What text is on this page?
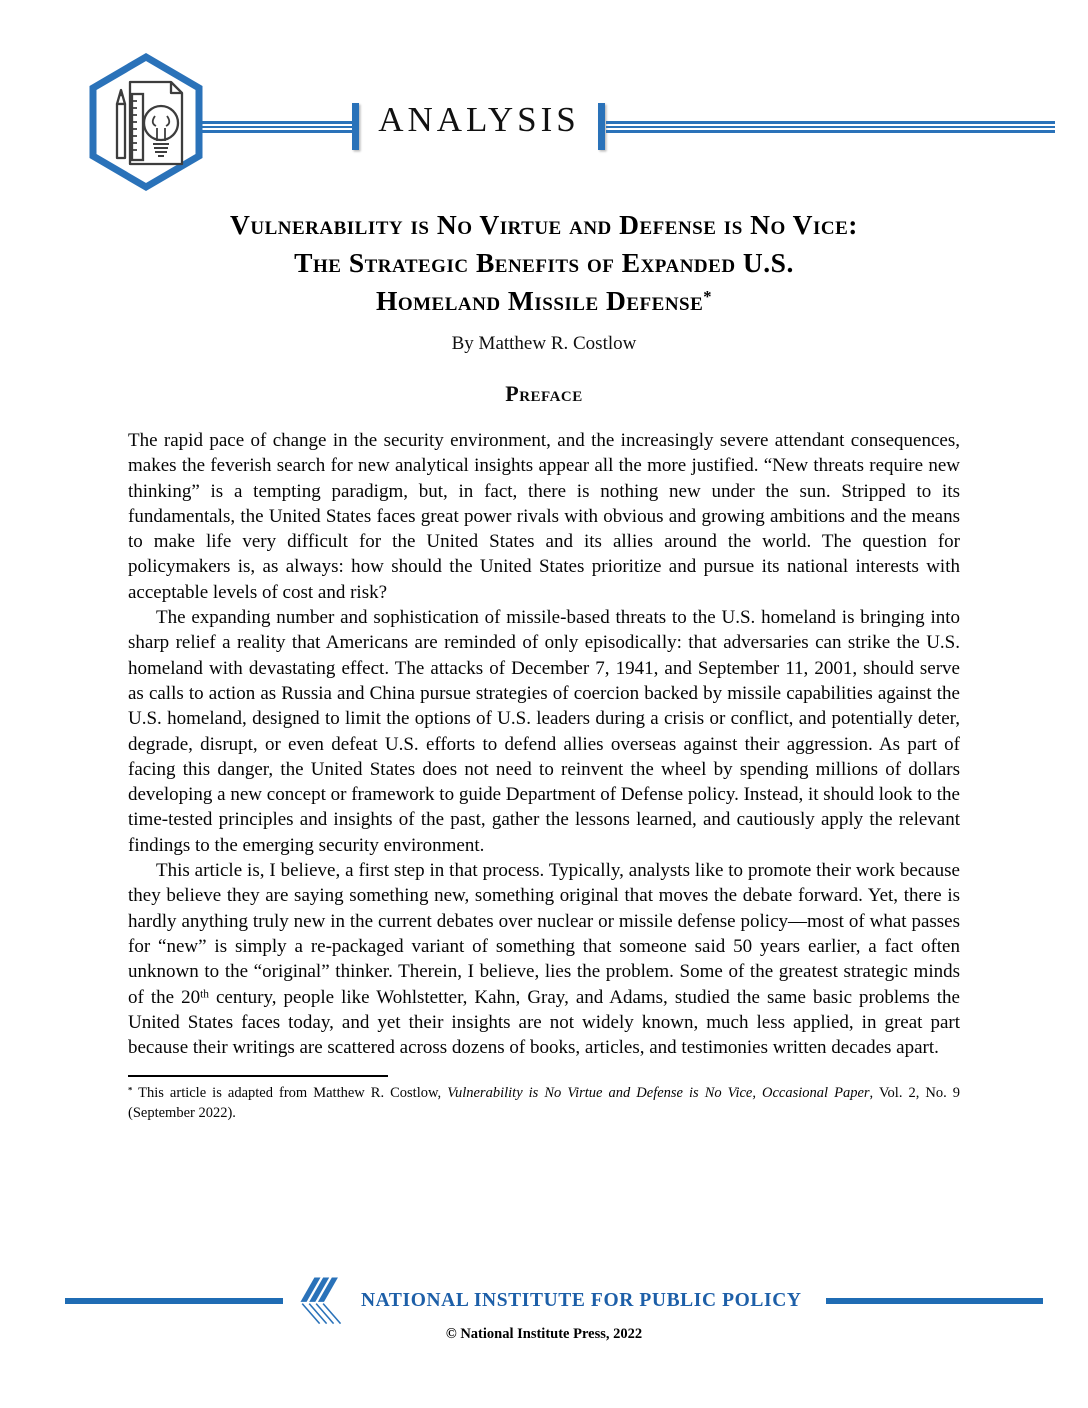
ANALYSIS
Vulnerability is No Virtue and Defense is No Vice:
The Strategic Benefits of Expanded U.S.
Homeland Missile Defense*
By Matthew R. Costlow
Preface

The rapid pace of change in the security environment, and the increasingly severe attendant consequences, makes the feverish search for new analytical insights appear all the more justified. “New threats require new thinking” is a tempting paradigm, but, in fact, there is nothing new under the sun. Stripped to its fundamentals, the United States faces great power rivals with obvious and growing ambitions and the means to make life very difficult for the United States and its allies around the world. The question for policymakers is, as always: how should the United States prioritize and pursue its national interests with acceptable levels of cost and risk?

The expanding number and sophistication of missile-based threats to the U.S. homeland is bringing into sharp relief a reality that Americans are reminded of only episodically: that adversaries can strike the U.S. homeland with devastating effect. The attacks of December 7, 1941, and September 11, 2001, should serve as calls to action as Russia and China pursue strategies of coercion backed by missile capabilities against the U.S. homeland, designed to limit the options of U.S. leaders during a crisis or conflict, and potentially deter, degrade, disrupt, or even defeat U.S. efforts to defend allies overseas against their aggression. As part of facing this danger, the United States does not need to reinvent the wheel by spending millions of dollars developing a new concept or framework to guide Department of Defense policy. Instead, it should look to the time-tested principles and insights of the past, gather the lessons learned, and cautiously apply the relevant findings to the emerging security environment.

This article is, I believe, a first step in that process. Typically, analysts like to promote their work because they believe they are saying something new, something original that moves the debate forward. Yet, there is hardly anything truly new in the current debates over nuclear or missile defense policy—most of what passes for “new” is simply a re-packaged variant of something that someone said 50 years earlier, a fact often unknown to the “original” thinker. Therein, I believe, lies the problem. Some of the greatest strategic minds of the 20th century, people like Wohlstetter, Kahn, Gray, and Adams, studied the same basic problems the United States faces today, and yet their insights are not widely known, much less applied, in great part because their writings are scattered across dozens of books, articles, and testimonies written decades apart.

* This article is adapted from Matthew R. Costlow, Vulnerability is No Virtue and Defense is No Vice, Occasional Paper, Vol. 2, No. 9 (September 2022).

NATIONAL INSTITUTE FOR PUBLIC POLICY
© National Institute Press, 2022
